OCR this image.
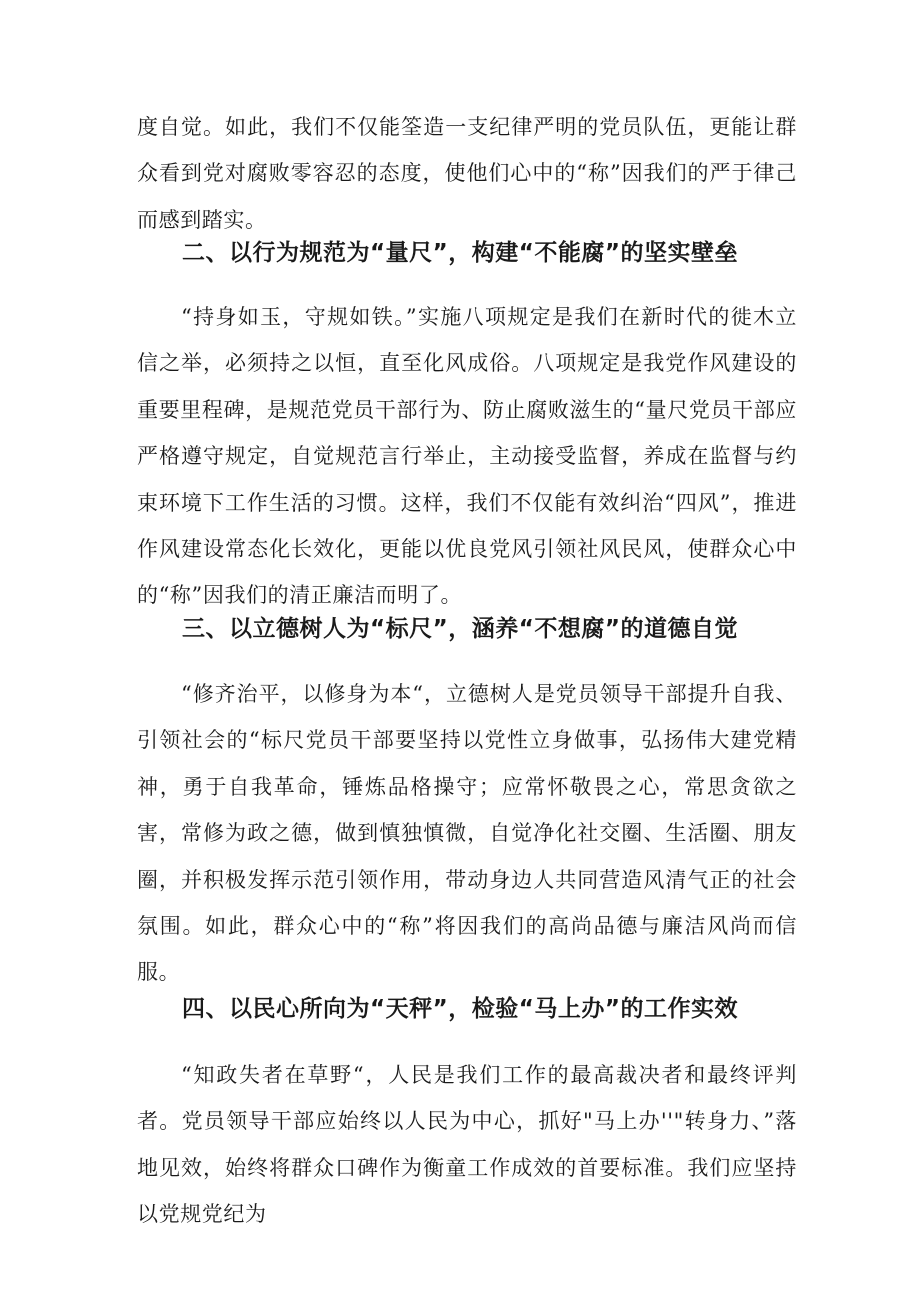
度自觉。如此，我们不仅能筌造一支纪律严明的党员队伍，更能让群众看到党对腐败零容忍的态度，使他们心中的“称”因我们的严于律己而感到踏实。

二、以行为规范为“量尺”，构建“不能腐”的坚实壁垒

“持身如玉，守规如铁。”实施八项规定是我们在新时代的徙木立信之举，必须持之以恒，直至化风成俗。八项规定是我党作风建设的重要里程碑，是规范党员干部行为、防止腐败滋生的“量尺党员干部应严格遵守规定，自觉规范言行举止，主动接受监督，养成在监督与约束环境下工作生活的习惯。这样，我们不仅能有效纠治“四风”，推进作风建设常态化长效化，更能以优良党风引领社风民风，使群众心中的“称”因我们的清正廉洁而明了。

三、以立德树人为“标尺”，涵养“不想腐”的道德自觉

“修齐治平，以修身为本“，立德树人是党员领导干部提升自我、引领社会的“标尺党员干部要坚持以党性立身做事，弘扬伟大建党精神，勇于自我革命，锤炼品格操守；应常怀敬畏之心，常思贪欲之害，常修为政之德，做到慎独慎微，自觉净化社交圈、生活圈、朋友圈，并积极发挥示范引领作用，带动身边人共同营造风清气正的社会氛围。如此，群众心中的“称”将因我们的高尚品德与廉洁风尚而信服。

四、以民心所向为“天秤”，检验“马上办”的工作实效

“知政失者在草野“，人民是我们工作的最高裁决者和最终评判者。党员领导干部应始终以人民为中心，抓好"马上办''"转身力、”落地见效，始终将群众口碑作为衡童工作成效的首要标准。我们应坚持以党规党纪为
